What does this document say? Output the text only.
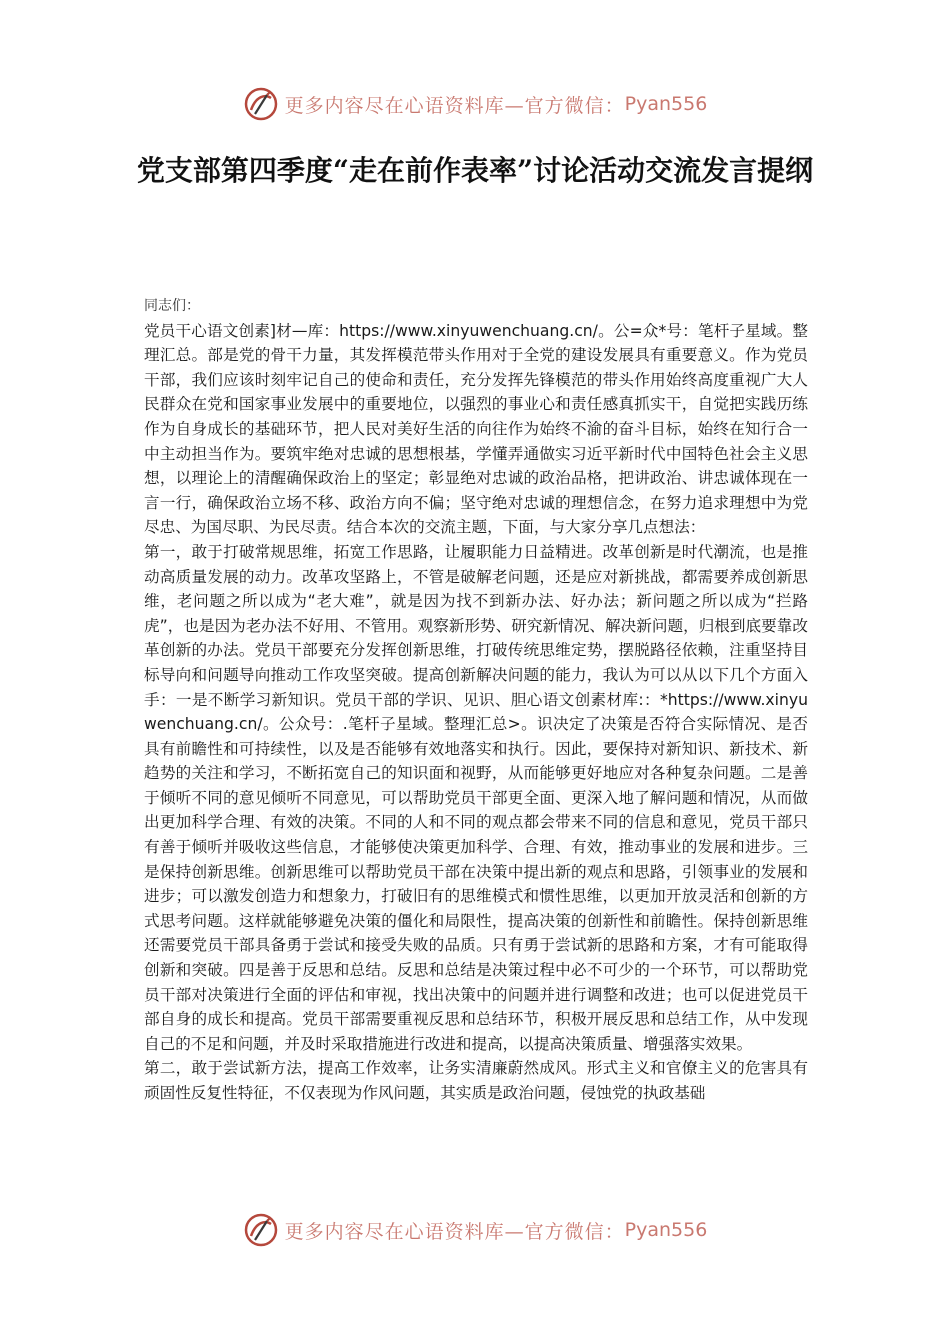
更多内容尽在心语资料库—官方微信： Pyan556
党支部第四季度“走在前作表率”讨论活动交流发言提纲

同志们：

党员干心语文创素]材—库：https://www.xinyuwenchuang.cn/。公=众*号：笔杆子星域。整理汇总。部是党的骨干力量，其发挥模范带头作用对于全党的建设发展具有重要意义。作为党员干部，我们应该时刻牢记自己的使命和责任，充分发挥先锋模范的带头作用始终高度重视广大人民群众在党和国家事业发展中的重要地位，以强烈的事业心和责任感真抓实干，自觉把实践历练作为自身成长的基础环节，把人民对美好生活的向往作为始终不渝的奋斗目标，始终在知行合一中主动担当作为。要筑牢绝对忠诚的思想根基，学懂弄通做实习近平新时代中国特色社会主义思想，以理论上的清醒确保政治上的坚定；彰显绝对忠诚的政治品格，把讲政治、讲忠诚体现在一言一行，确保政治立场不移、政治方向不偏；坚守绝对忠诚的理想信念，在努力追求理想中为党尽忠、为国尽职、为民尽责。结合本次的交流主题，下面，与大家分享几点想法：

第一，敢于打破常规思维，拓宽工作思路，让履职能力日益精进。改革创新是时代潮流，也是推动高质量发展的动力。改革攻坚路上，不管是破解老问题，还是应对新挑战，都需要养成创新思维，老问题之所以成为“老大难”，就是因为找不到新办法、好办法；新问题之所以成为“拦路虎”，也是因为老办法不好用、不管用。观察新形势、研究新情况、解决新问题，归根到底要靠改革创新的办法。党员干部要充分发挥创新思维，打破传统思维定势，摆脱路径依赖，注重坚持目标导向和问题导向推动工作攻坚突破。提高创新解决问题的能力，我认为可以从以下几个方面入手：一是不断学习新知识。党员干部的学识、见识、胆心语文创素材库:：*https://www.xinyuwenchuang.cn/。公众号：.笔杆子星域。整理汇总>。识决定了决策是否符合实际情况、是否具有前瞻性和可持续性，以及是否能够有效地落实和执行。因此，要保持对新知识、新技术、新趋势的关注和学习，不断拓宽自己的知识面和视野，从而能够更好地应对各种复杂问题。二是善于倾听不同的意见倾听不同意见，可以帮助党员干部更全面、更深入地了解问题和情况，从而做出更加科学合理、有效的决策。不同的人和不同的观点都会带来不同的信息和意见，党员干部只有善于倾听并吸收这些信息，才能够使决策更加科学、合理、有效，推动事业的发展和进步。三是保持创新思维。创新思维可以帮助党员干部在决策中提出新的观点和思路，引领事业的发展和进步；可以激发创造力和想象力，打破旧有的思维模式和惯性思维，以更加开放灵活和创新的方式思考问题。这样就能够避免决策的僵化和局限性，提高决策的创新性和前瞻性。保持创新思维还需要党员干部具备勇于尝试和接受失败的品质。只有勇于尝试新的思路和方案，才有可能取得创新和突破。四是善于反思和总结。反思和总结是决策过程中必不可少的一个环节，可以帮助党员干部对决策进行全面的评估和审视，找出决策中的问题并进行调整和改进；也可以促进党员干部自身的成长和提高。党员干部需要重视反思和总结环节，积极开展反思和总结工作，从中发现自己的不足和问题，并及时采取措施进行改进和提高，以提高决策质量、增强落实效果。

第二，敢于尝试新方法，提高工作效率，让务实清廉蔚然成风。形式主义和官僚主义的危害具有顽固性反复性特征，不仅表现为作风问题，其实质是政治问题，侵蚀党的执政基础

更多内容尽在心语资料库—官方微信： Pyan556
